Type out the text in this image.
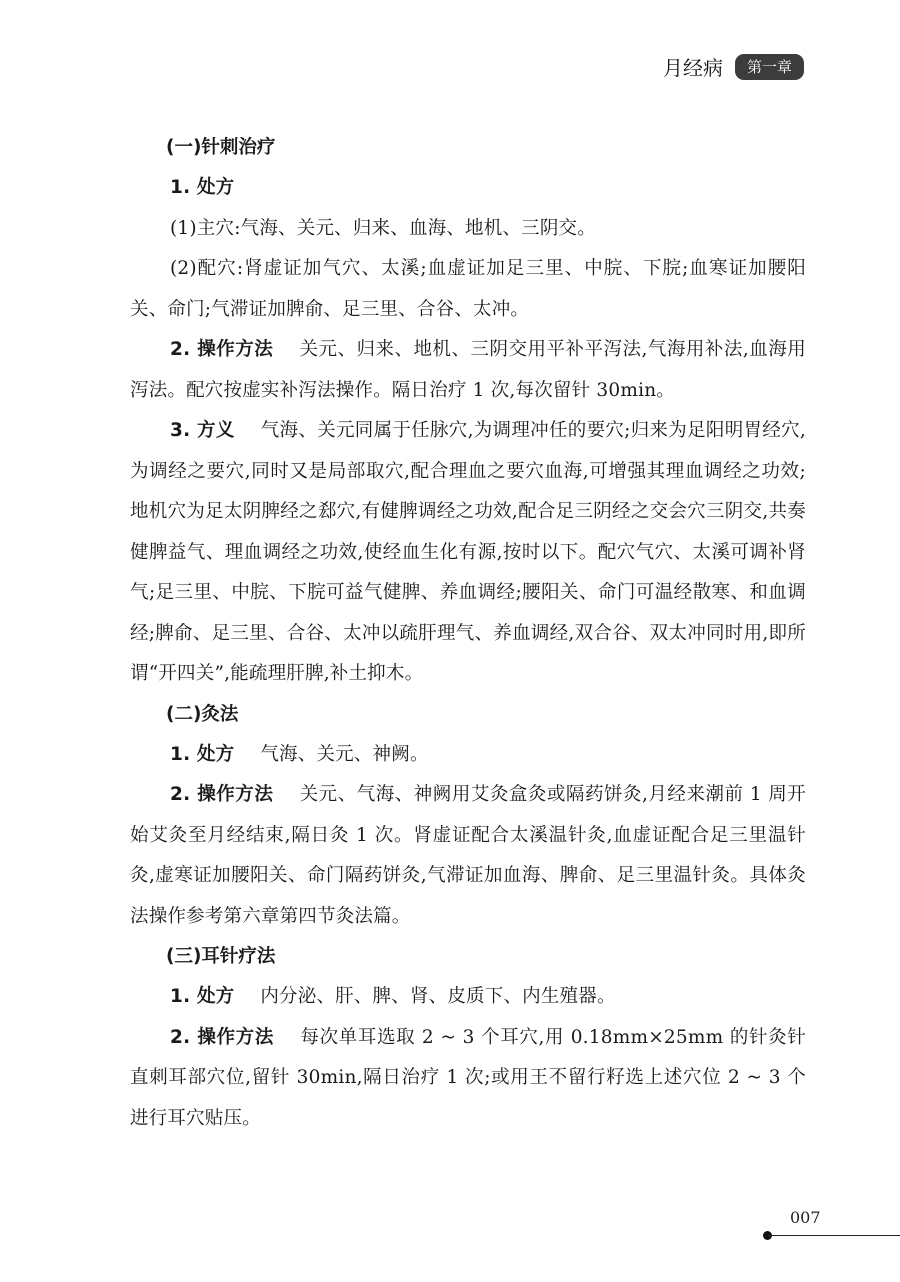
月经病	第一章
(一)针刺治疗

1. 处方

(1)主穴:气海、关元、归来、血海、地机、三阴交。

(2)配穴:肾虚证加气穴、太溪;血虚证加足三里、中脘、下脘;血寒证加腰阳关、命门;气滞证加脾俞、足三里、合谷、太冲。

2. 操作方法 关元、归来、地机、三阴交用平补平泻法,气海用补法,血海用泻法。配穴按虚实补泻法操作。隔日治疗 1 次,每次留针 30min。

3. 方义 气海、关元同属于任脉穴,为调理冲任的要穴;归来为足阳明胃经穴,为调经之要穴,同时又是局部取穴,配合理血之要穴血海,可增强其理血调经之功效;地机穴为足太阴脾经之郄穴,有健脾调经之功效,配合足三阴经之交会穴三阴交,共奏健脾益气、理血调经之功效,使经血生化有源,按时以下。配穴气穴、太溪可调补肾气;足三里、中脘、下脘可益气健脾、养血调经;腰阳关、命门可温经散寒、和血调经;脾俞、足三里、合谷、太冲以疏肝理气、养血调经,双合谷、双太冲同时用,即所谓“开四关”,能疏理肝脾,补土抑木。

(二)灸法

1. 处方 气海、关元、神阙。

2. 操作方法 关元、气海、神阙用艾灸盒灸或隔药饼灸,月经来潮前 1 周开始艾灸至月经结束,隔日灸 1 次。肾虚证配合太溪温针灸,血虚证配合足三里温针灸,虚寒证加腰阳关、命门隔药饼灸,气滞证加血海、脾俞、足三里温针灸。具体灸法操作参考第六章第四节灸法篇。

(三)耳针疗法

1. 处方 内分泌、肝、脾、肾、皮质下、内生殖器。

2. 操作方法 每次单耳选取 2 ~ 3 个耳穴,用 0.18mm×25mm 的针灸针直刺耳部穴位,留针 30min,隔日治疗 1 次;或用王不留行籽选上述穴位 2 ~ 3 个进行耳穴贴压。

007
